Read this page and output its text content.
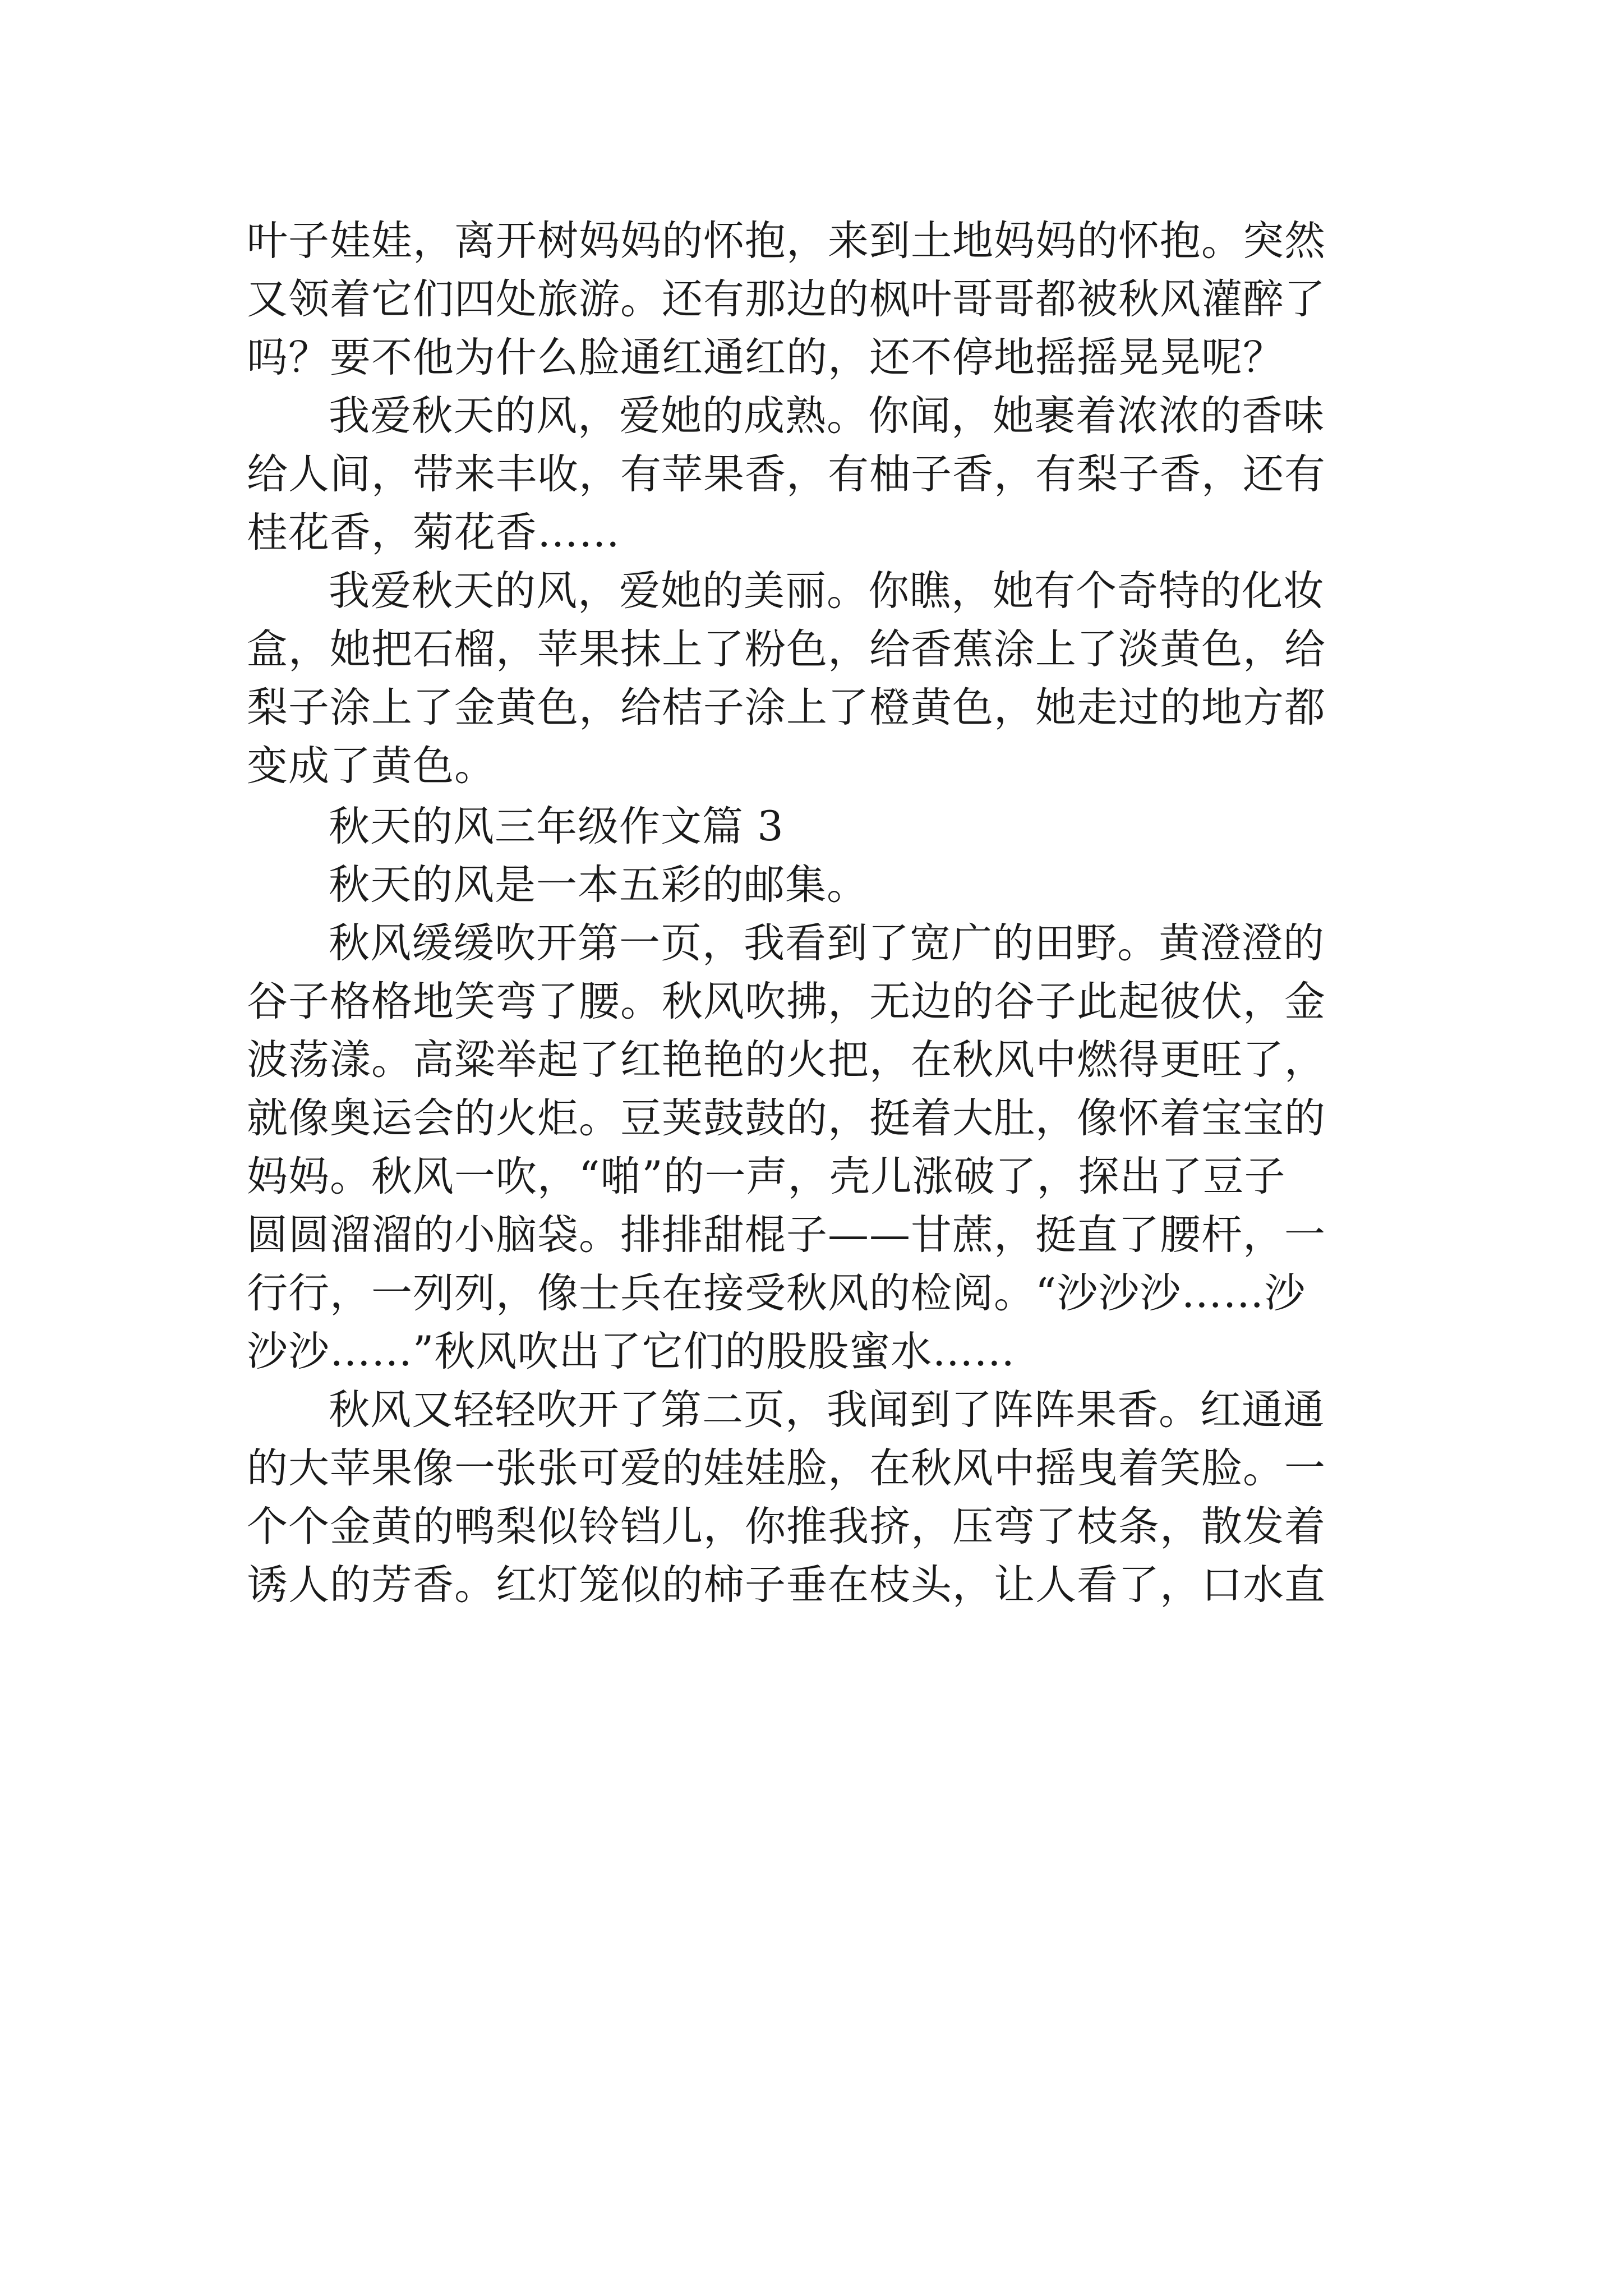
叶子娃娃，离开树妈妈的怀抱，来到土地妈妈的怀抱。突然
又领着它们四处旅游。还有那边的枫叶哥哥都被秋风灌醉了
吗？要不他为什么脸通红通红的，还不停地摇摇晃晃呢？
我爱秋天的风，爱她的成熟。你闻，她裹着浓浓的香味
给人间，带来丰收，有苹果香，有柚子香，有梨子香，还有
桂花香，菊花香……
我爱秋天的风，爱她的美丽。你瞧，她有个奇特的化妆
盒，她把石榴，苹果抹上了粉色，给香蕉涂上了淡黄色，给
梨子涂上了金黄色，给桔子涂上了橙黄色，她走过的地方都
变成了黄色。
秋天的风三年级作文篇 3
秋天的风是一本五彩的邮集。
秋风缓缓吹开第一页，我看到了宽广的田野。黄澄澄的
谷子格格地笑弯了腰。秋风吹拂，无边的谷子此起彼伏，金
波荡漾。高粱举起了红艳艳的火把，在秋风中燃得更旺了，
就像奥运会的火炬。豆荚鼓鼓的，挺着大肚，像怀着宝宝的
妈妈。秋风一吹，“啪”的一声，壳儿涨破了，探出了豆子
圆圆溜溜的小脑袋。排排甜棍子——甘蔗，挺直了腰杆，一
行行，一列列，像士兵在接受秋风的检阅。“沙沙沙……沙
沙沙……”秋风吹出了它们的股股蜜水……
秋风又轻轻吹开了第二页，我闻到了阵阵果香。红通通
的大苹果像一张张可爱的娃娃脸，在秋风中摇曳着笑脸。一
个个金黄的鸭梨似铃铛儿，你推我挤，压弯了枝条，散发着
诱人的芳香。红灯笼似的柿子垂在枝头，让人看了，口水直
